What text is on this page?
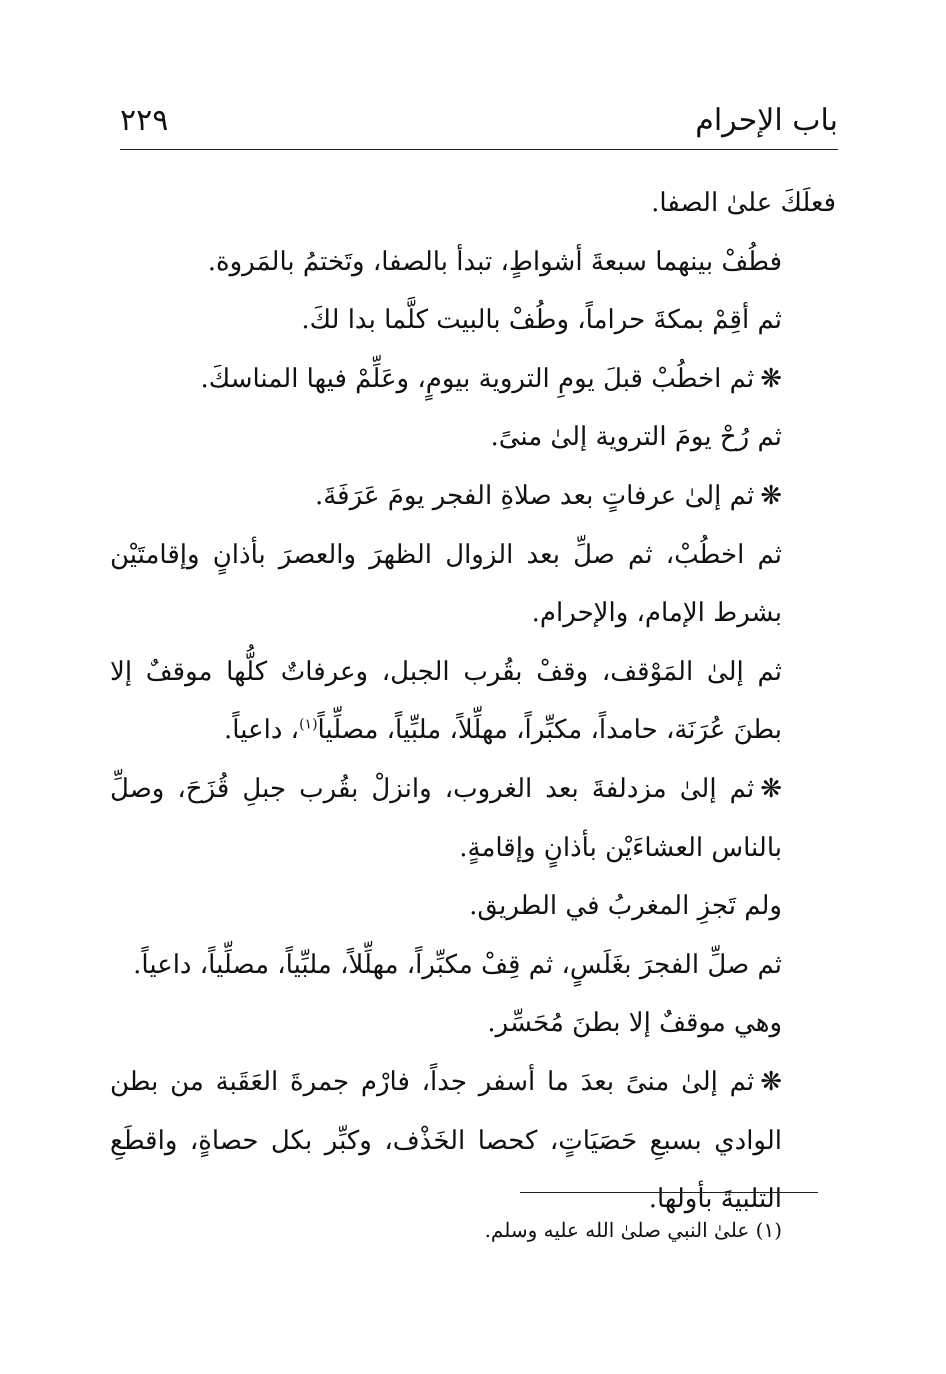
باب الإحرام
٢٢٩

فعلَكَ علىٰ الصفا.

فطُفْ بينهما سبعةَ أشواطٍ، تبدأ بالصفا، وتَختمُ بالمَروة.

ثم أقِمْ بمكةَ حراماً، وطُفْ بالبيت كلَّما بدا لكَ.

❋ثم اخطُبْ قبلَ يومِ التروية بيومٍ، وعَلِّمْ فيها المناسكَ.

ثم رُحْ يومَ التروية إلىٰ منىً.

❋ثم إلىٰ عرفاتٍ بعد صلاةِ الفجر يومَ عَرَفَةَ.

ثم اخطُبْ، ثم صلِّ بعد الزوال الظهرَ والعصرَ بأذانٍ وإقامتَيْن بشرط الإمام، والإحرام.

ثم إلىٰ المَوْقف، وقفْ بقُرب الجبل، وعرفاتٌ كلُّها موقفٌ إلا بطنَ عُرَنَة، حامداً، مكبِّراً، مهلِّلاً، ملبِّياً، مصلِّياً$^{(١)}$، داعياً.

❋ثم إلىٰ مزدلفةَ بعد الغروب، وانزلْ بقُرب جبلِ قُزَحَ، وصلِّ بالناس العشاءَيْن بأذانٍ وإقامةٍ.

ولم تَجزِ المغربُ في الطريق.

ثم صلِّ الفجرَ بغَلَسٍ، ثم قِفْ مكبِّراً، مهلِّلاً، ملبِّياً، مصلِّياً، داعياً.

وهي موقفٌ إلا بطنَ مُحَسِّر.

❋ثم إلىٰ منىً بعدَ ما أسفر جداً، فارْم جمرةَ العَقَبة من بطن الوادي بسبعِ حَصَيَاتٍ، كحصا الخَذْف، وكبِّر بكل حصاةٍ، واقطَعِ التلبيةَ بأولها.

(١) علىٰ النبي صلىٰ الله عليه وسلم.
